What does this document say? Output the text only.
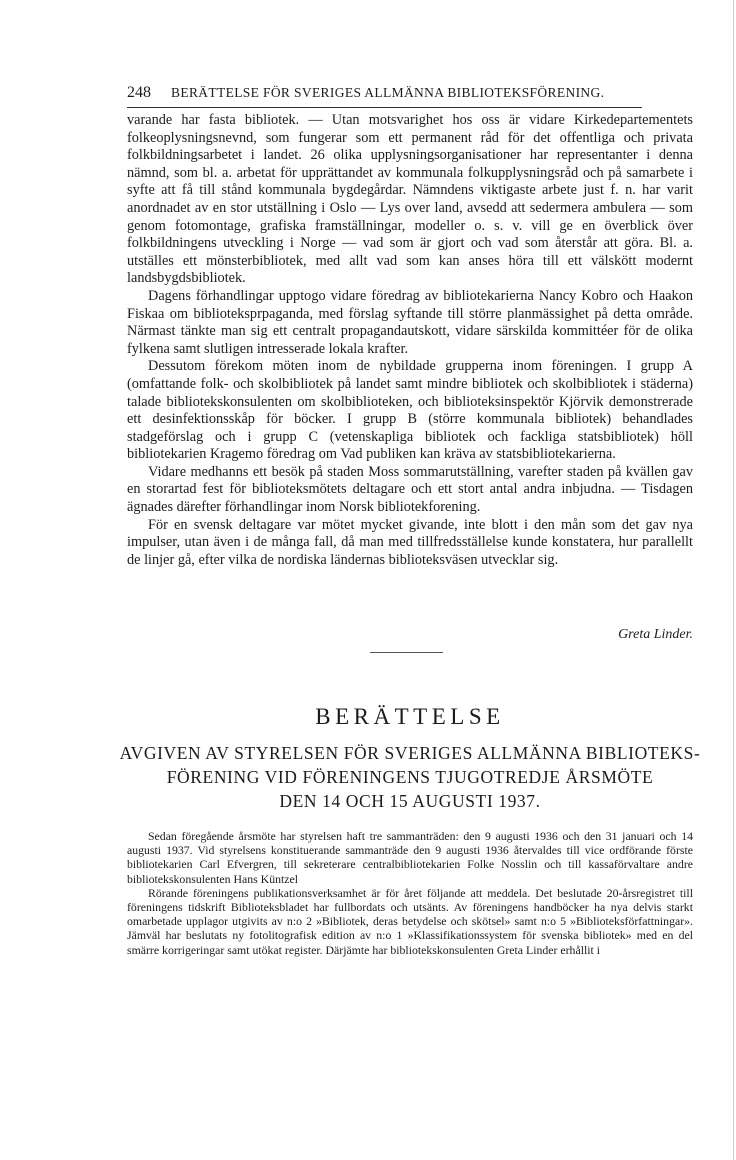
248 BERÄTTELSE FÖR SVERIGES ALLMÄNNA BIBLIOTEKSFÖRENING.

varande har fasta bibliotek. — Utan motsvarighet hos oss är vidare Kirkedepartementets folkeoplysningsnevnd, som fungerar som ett permanent råd för det offentliga och privata folkbildningsarbetet i landet. 26 olika upplysningsorganisationer har representanter i denna nämnd, som bl. a. arbetat för upprättandet av kommunala folkupplysningsråd och på samarbete i syfte att få till stånd kommunala bygdegårdar. Nämndens viktigaste arbete just f. n. har varit anordnadet av en stor utställning i Oslo — Lys over land, avsedd att sedermera ambulera — som genom fotomontage, grafiska framställningar, modeller o. s. v. vill ge en överblick över folkbildningens utveckling i Norge — vad som är gjort och vad som återstår att göra. Bl. a. utställes ett mönsterbibliotek, med allt vad som kan anses höra till ett välskött modernt landsbygdsbibliotek.

Dagens förhandlingar upptogo vidare föredrag av bibliotekarierna Nancy Kobro och Haakon Fiskaa om biblioteksprpaganda, med förslag syftande till större planmässighet på detta område. Närmast tänkte man sig ett centralt propagandautskott, vidare särskilda kommittéer för de olika fylkena samt slutligen intresserade lokala krafter.

Dessutom förekom möten inom de nybildade grupperna inom föreningen. I grupp A (omfattande folk- och skolbibliotek på landet samt mindre bibliotek och skolbibliotek i städerna) talade bibliotekskonsulenten om skolbiblioteken, och biblioteksinspektör Kjörvik demonstrerade ett desinfektionsskåp för böcker. I grupp B (större kommunala bibliotek) behandlades stadgeförslag och i grupp C (vetenskapliga bibliotek och fackliga statsbibliotek) höll bibliotekarien Kragemo föredrag om Vad publiken kan kräva av statsbibliotekarierna.

Vidare medhanns ett besök på staden Moss sommarutställning, varefter staden på kvällen gav en storartad fest för biblioteksmötets deltagare och ett stort antal andra inbjudna. — Tisdagen ägnades därefter förhandlingar inom Norsk bibliotekforening.

För en svensk deltagare var mötet mycket givande, inte blott i den mån som det gav nya impulser, utan även i de många fall, då man med tillfredsställelse kunde konstatera, hur parallellt de linjer gå, efter vilka de nordiska ländernas biblioteksväsen utvecklar sig.

Greta Linder.
BERÄTTELSE
AVGIVEN AV STYRELSEN FÖR SVERIGES ALLMÄNNA BIBLIOTEKS-
FÖRENING VID FÖRENINGENS TJUGOTREDJE ÅRSMÖTE
DEN 14 OCH 15 AUGUSTI 1937.

Sedan föregående årsmöte har styrelsen haft tre sammanträden: den 9 augusti 1936 och den 31 januari och 14 augusti 1937. Vid styrelsens konstituerande sammanträde den 9 augusti 1936 återvaldes till vice ordförande förste bibliotekarien Carl Efvergren, till sekreterare centralbibliotekarien Folke Nosslin och till kassaförvaltare andre bibliotekskonsulenten Hans Küntzel

Rörande föreningens publikationsverksamhet är för året följande att meddela. Det beslutade 20-årsregistret till föreningens tidskrift Biblioteksbladet har fullbordats och utsänts. Av föreningens handböcker ha nya delvis starkt omarbetade upplagor utgivits av n:o 2 »Bibliotek, deras betydelse och skötsel» samt n:o 5 »Biblioteksförfattningar». Jämväl har beslutats ny fotolitografisk edition av n:o 1 »Klassifikationssystem för svenska bibliotek» med en del smärre korrigeringar samt utökat register. Därjämte har bibliotekskonsulenten Greta Linder erhållit i
